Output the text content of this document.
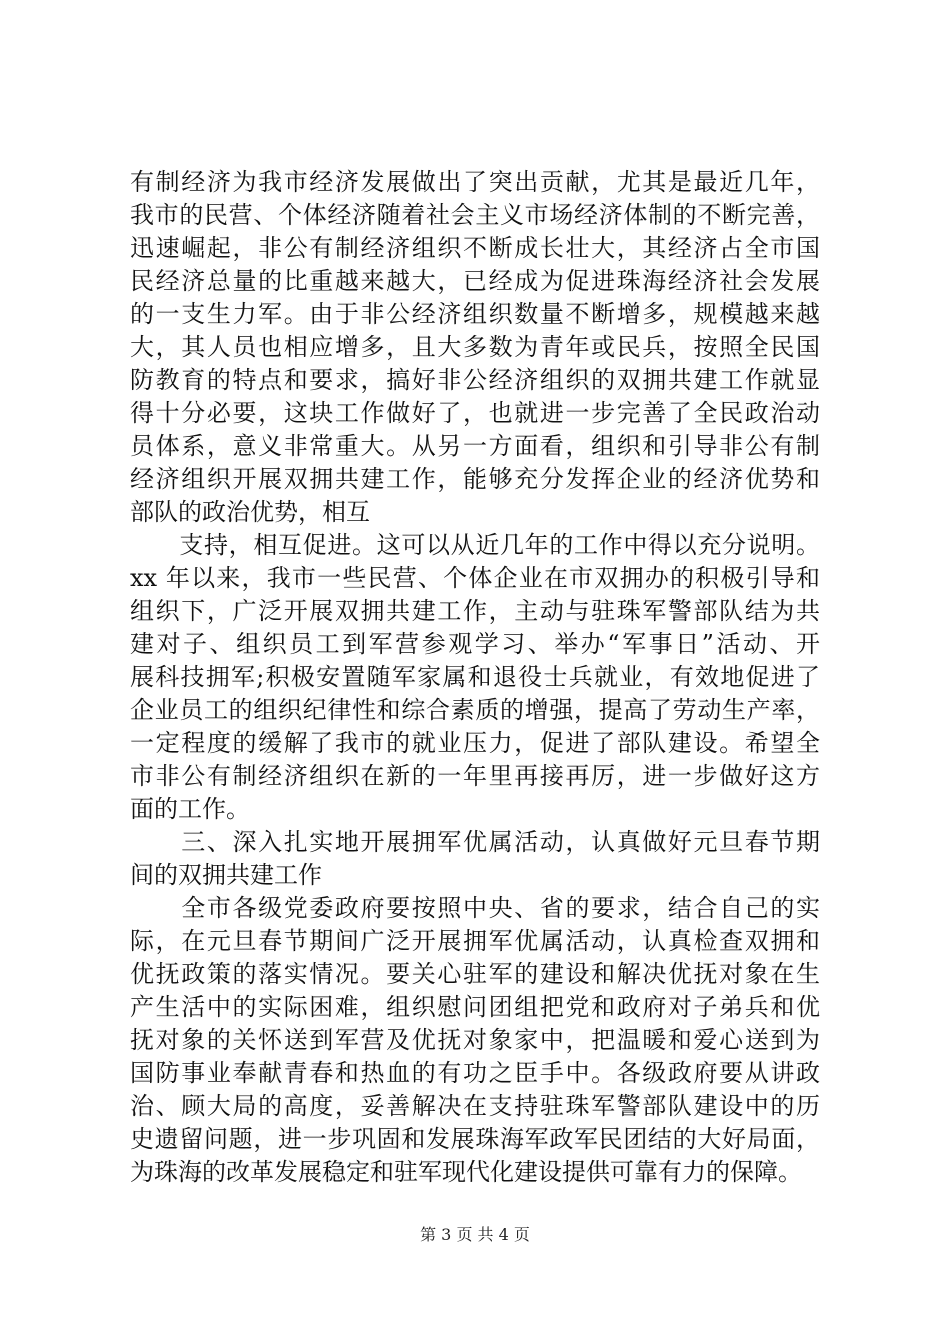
有制经济为我市经济发展做出了突出贡献，尤其是最近几年，
我市的民营、个体经济随着社会主义市场经济体制的不断完善，
迅速崛起，非公有制经济组织不断成长壮大，其经济占全市国
民经济总量的比重越来越大，已经成为促进珠海经济社会发展
的一支生力军。由于非公经济组织数量不断增多，规模越来越
大，其人员也相应增多，且大多数为青年或民兵，按照全民国
防教育的特点和要求，搞好非公经济组织的双拥共建工作就显
得十分必要，这块工作做好了，也就进一步完善了全民政治动
员体系，意义非常重大。从另一方面看，组织和引导非公有制
经济组织开展双拥共建工作，能够充分发挥企业的经济优势和
部队的政治优势，相互
　　支持，相互促进。这可以从近几年的工作中得以充分说明。
xx 年以来，我市一些民营、个体企业在市双拥办的积极引导和
组织下，广泛开展双拥共建工作，主动与驻珠军警部队结为共
建对子、组织员工到军营参观学习、举办“军事日”活动、开
展科技拥军;积极安置随军家属和退役士兵就业，有效地促进了
企业员工的组织纪律性和综合素质的增强，提高了劳动生产率，
一定程度的缓解了我市的就业压力，促进了部队建设。希望全
市非公有制经济组织在新的一年里再接再厉，进一步做好这方
面的工作。
　　三、深入扎实地开展拥军优属活动，认真做好元旦春节期
间的双拥共建工作
　　全市各级党委政府要按照中央、省的要求，结合自己的实
际，在元旦春节期间广泛开展拥军优属活动，认真检查双拥和
优抚政策的落实情况。要关心驻军的建设和解决优抚对象在生
产生活中的实际困难，组织慰问团组把党和政府对子弟兵和优
抚对象的关怀送到军营及优抚对象家中，把温暖和爱心送到为
国防事业奉献青春和热血的有功之臣手中。各级政府要从讲政
治、顾大局的高度，妥善解决在支持驻珠军警部队建设中的历
史遗留问题，进一步巩固和发展珠海军政军民团结的大好局面，
为珠海的改革发展稳定和驻军现代化建设提供可靠有力的保障。
第 3 页 共 4 页
